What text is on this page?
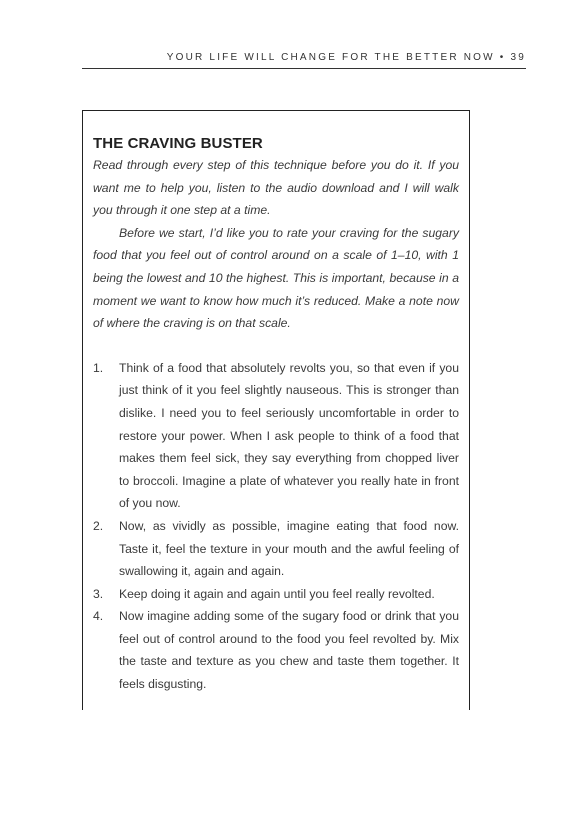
YOUR LIFE WILL CHANGE FOR THE BETTER NOW • 39
THE CRAVING BUSTER

Read through every step of this technique before you do it. If you want me to help you, listen to the audio download and I will walk you through it one step at a time.

Before we start, I’d like you to rate your craving for the sugary food that you feel out of control around on a scale of 1–10, with 1 being the lowest and 10 the highest. This is important, because in a moment we want to know how much it’s reduced. Make a note now of where the craving is on that scale.

1. Think of a food that absolutely revolts you, so that even if you just think of it you feel slightly nauseous. This is stronger than dislike. I need you to feel seriously uncomfortable in order to restore your power. When I ask people to think of a food that makes them feel sick, they say everything from chopped liver to broccoli. Imagine a plate of whatever you really hate in front of you now.
2. Now, as vividly as possible, imagine eating that food now. Taste it, feel the texture in your mouth and the awful feeling of swallowing it, again and again.
3. Keep doing it again and again until you feel really revolted.
4. Now imagine adding some of the sugary food or drink that you feel out of control around to the food you feel revolted by. Mix the taste and texture as you chew and taste them together. It feels disgusting.
